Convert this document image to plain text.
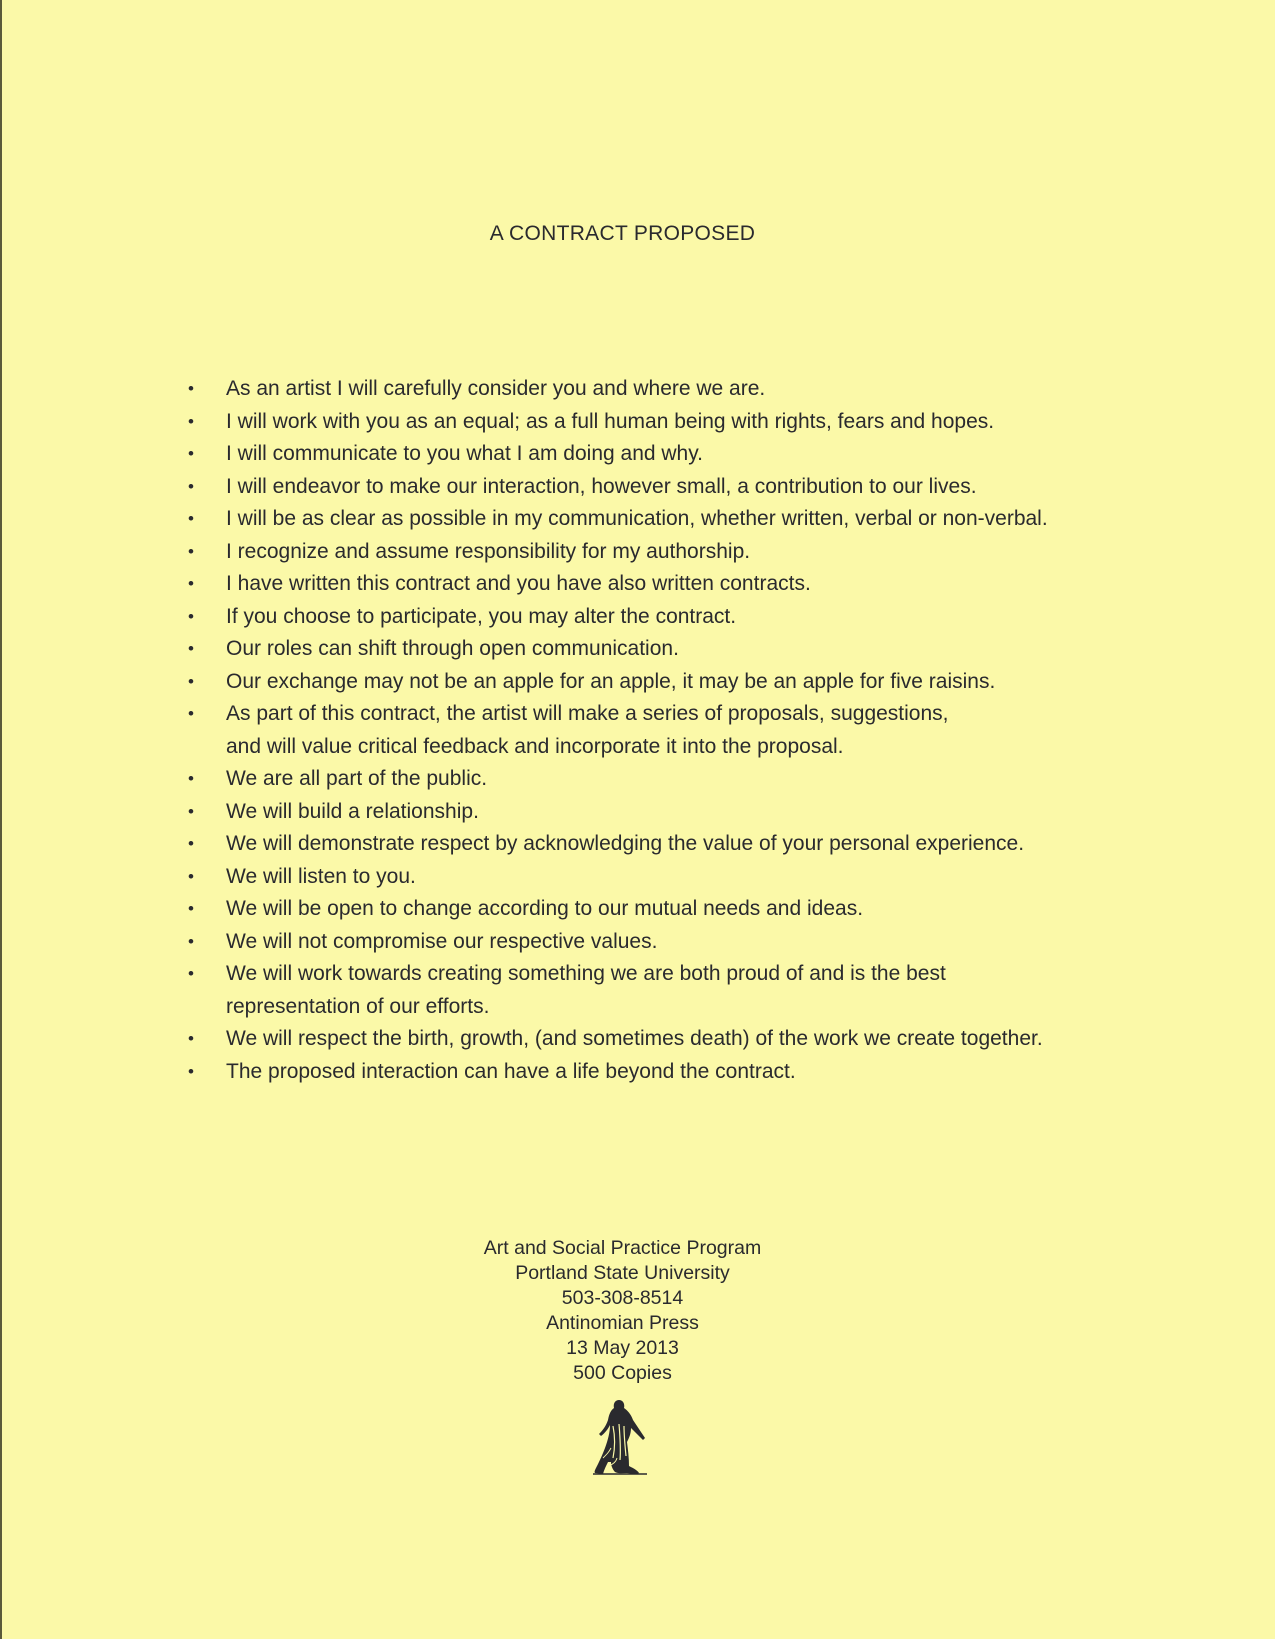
A CONTRACT PROPOSED
• As an artist I will carefully consider you and where we are.
• I will work with you as an equal; as a full human being with rights, fears and hopes.
• I will communicate to you what I am doing and why.
• I will endeavor to make our interaction, however small, a contribution to our lives.
• I will be as clear as possible in my communication, whether written, verbal or non-verbal.
• I recognize and assume responsibility for my authorship.
• I have written this contract and you have also written contracts.
• If you choose to participate, you may alter the contract.
• Our roles can shift through open communication.
• Our exchange may not be an apple for an apple, it may be an apple for five raisins.
• As part of this contract, the artist will make a series of proposals, suggestions,
and will value critical feedback and incorporate it into the proposal.
• We are all part of the public.
• We will build a relationship.
• We will demonstrate respect by acknowledging the value of your personal experience.
• We will listen to you.
• We will be open to change according to our mutual needs and ideas.
• We will not compromise our respective values.
• We will work towards creating something we are both proud of and is the best
representation of our efforts.
• We will respect the birth, growth, (and sometimes death) of the work we create together.
• The proposed interaction can have a life beyond the contract.
Art and Social Practice Program
Portland State University
503-308-8514
Antinomian Press
13 May 2013
500 Copies
